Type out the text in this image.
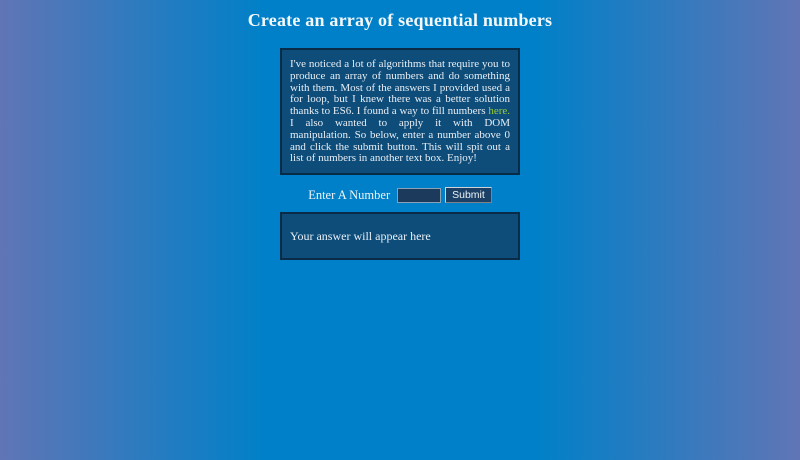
Create an array of sequential numbers
I've noticed a lot of algorithms that require you to produce an array of numbers and do something with them. Most of the answers I provided used a for loop, but I knew there was a better solution thanks to ES6. I found a way to fill numbers here. I also wanted to apply it with DOM manipulation. So below, enter a number above 0 and click the submit button. This will spit out a list of numbers in another text box. Enjoy!
Enter A Number	Submit
Your answer will appear here
